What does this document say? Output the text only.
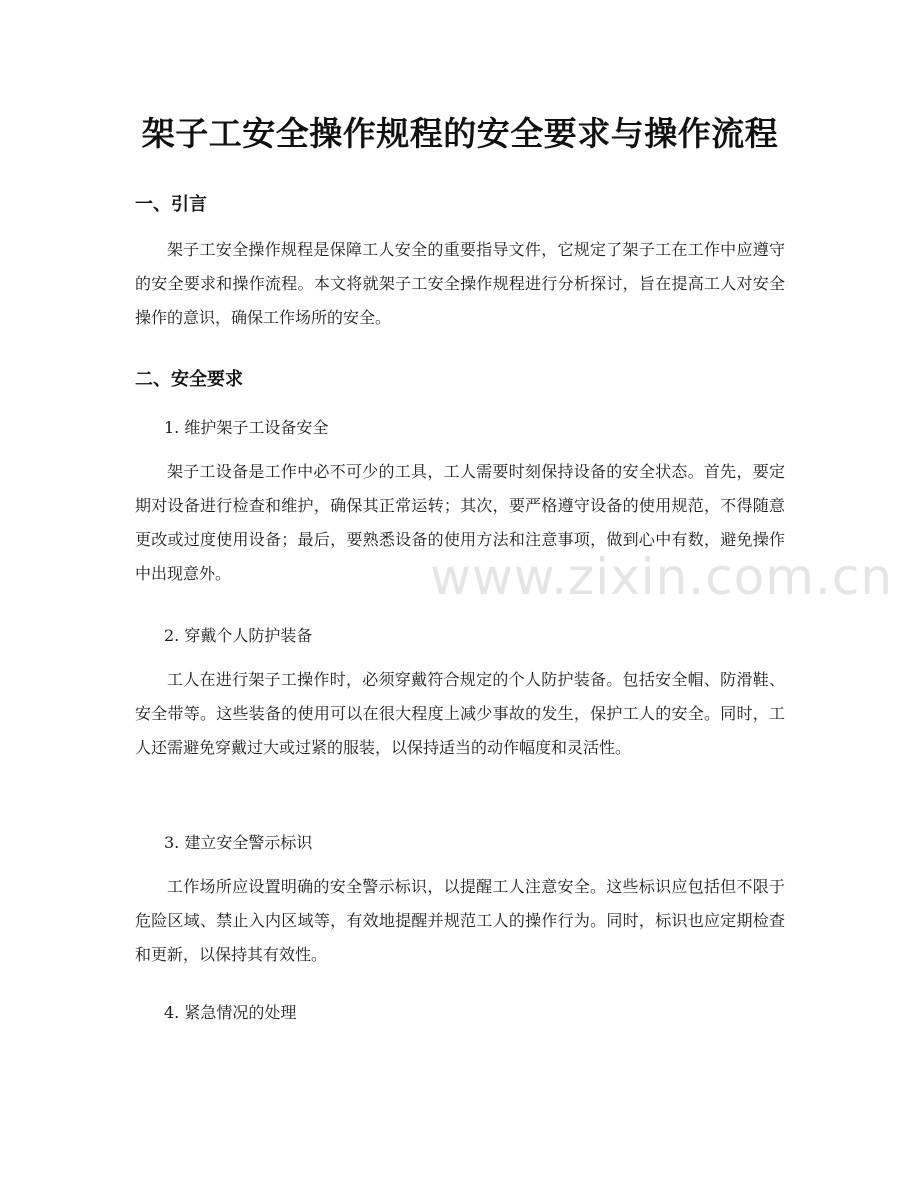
架子工安全操作规程的安全要求与操作流程
一、引言

架子工安全操作规程是保障工人安全的重要指导文件，它规定了架子工在工作中应遵守的安全要求和操作流程。本文将就架子工安全操作规程进行分析探讨，旨在提高工人对安全操作的意识，确保工作场所的安全。

二、安全要求
1. 维护架子工设备安全

架子工设备是工作中必不可少的工具，工人需要时刻保持设备的安全状态。首先，要定期对设备进行检查和维护，确保其正常运转；其次，要严格遵守设备的使用规范，不得随意更改或过度使用设备；最后，要熟悉设备的使用方法和注意事项，做到心中有数，避免操作中出现意外。

2. 穿戴个人防护装备

工人在进行架子工操作时，必须穿戴符合规定的个人防护装备。包括安全帽、防滑鞋、安全带等。这些装备的使用可以在很大程度上减少事故的发生，保护工人的安全。同时，工人还需避免穿戴过大或过紧的服装，以保持适当的动作幅度和灵活性。

3. 建立安全警示标识

工作场所应设置明确的安全警示标识，以提醒工人注意安全。这些标识应包括但不限于危险区域、禁止入内区域等，有效地提醒并规范工人的操作行为。同时，标识也应定期检查和更新，以保持其有效性。

4. 紧急情况的处理
www.zixin.com.cn
